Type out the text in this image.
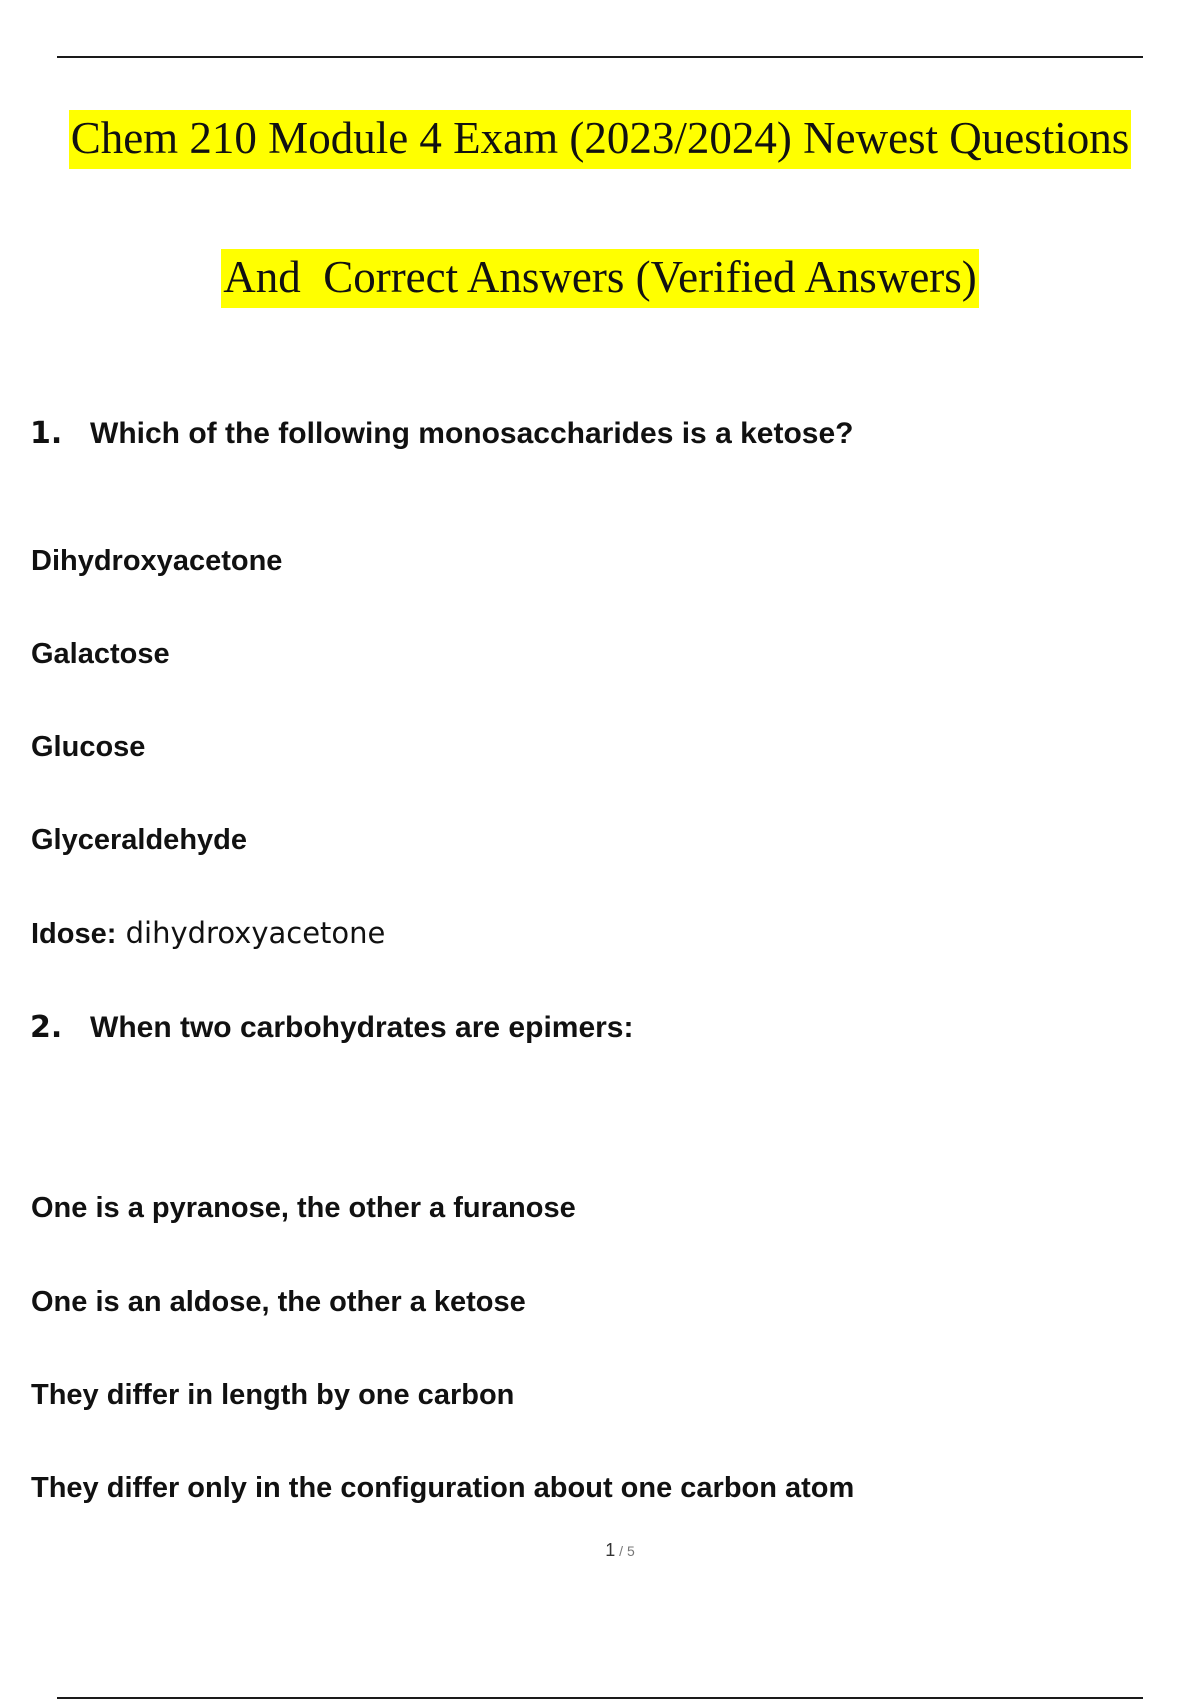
Chem 210 Module 4 Exam (2023/2024) Newest Questions
And  Correct Answers (Verified Answers)
1. Which of the following monosaccharides is a ketose?
Dihydroxyacetone
Galactose
Glucose
Glyceraldehyde
Idose: dihydroxyacetone
2. When two carbohydrates are epimers:
One is a pyranose, the other a furanose
One is an aldose, the other a ketose
They differ in length by one carbon
They differ only in the configuration about one carbon atom
1 / 5
